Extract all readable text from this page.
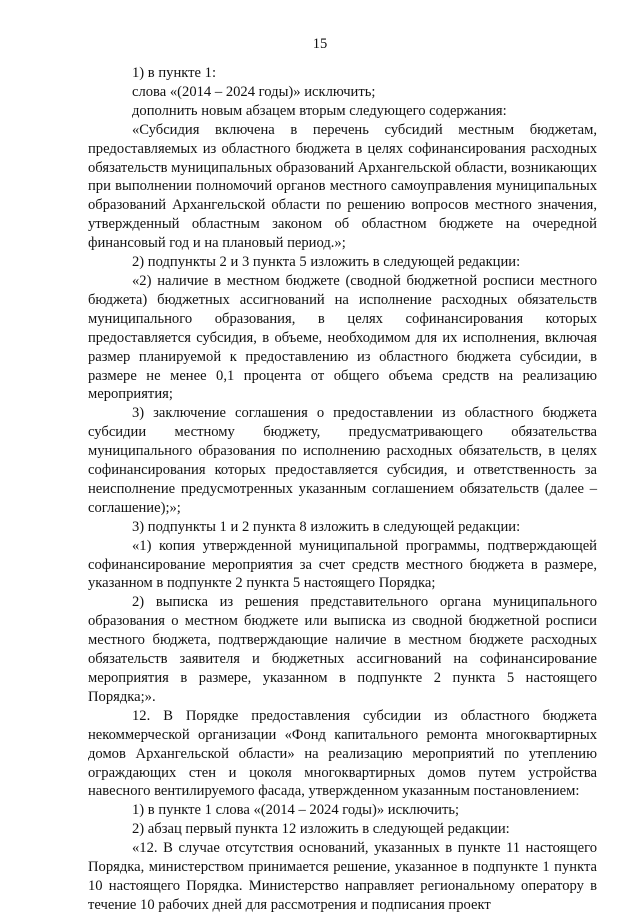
15

1) в пункте 1:

слова «(2014 – 2024 годы)» исключить;

дополнить новым абзацем вторым следующего содержания:

«Субсидия включена в перечень субсидий местным бюджетам, предоставляемых из областного бюджета в целях софинансирования расходных обязательств муниципальных образований Архангельской области, возникающих при выполнении полномочий органов местного самоуправления муниципальных образований Архангельской области по решению вопросов местного значения, утвержденный областным законом об областном бюджете на очередной финансовый год и на плановый период.»;

2) подпункты 2 и 3 пункта 5 изложить в следующей редакции:

«2) наличие в местном бюджете (сводной бюджетной росписи местного бюджета) бюджетных ассигнований на исполнение расходных обязательств муниципального образования, в целях софинансирования которых предоставляется субсидия, в объеме, необходимом для их исполнения, включая размер планируемой к предоставлению из областного бюджета субсидии, в размере не менее 0,1 процента от общего объема средств на реализацию мероприятия;

3) заключение соглашения о предоставлении из областного бюджета субсидии местному бюджету, предусматривающего обязательства муниципального образования по исполнению расходных обязательств, в целях софинансирования которых предоставляется субсидия, и ответственность за неисполнение предусмотренных указанным соглашением обязательств (далее – соглашение);»;

3) подпункты 1 и 2 пункта 8 изложить в следующей редакции:

«1) копия утвержденной муниципальной программы, подтверждающей софинансирование мероприятия за счет средств местного бюджета в размере, указанном в подпункте 2 пункта 5 настоящего Порядка;

2) выписка из решения представительного органа муниципального образования о местном бюджете или выписка из сводной бюджетной росписи местного бюджета, подтверждающие наличие в местном бюджете расходных обязательств заявителя и бюджетных ассигнований на софинансирование мероприятия в размере, указанном в подпункте 2 пункта 5 настоящего Порядка;».

12. В Порядке предоставления субсидии из областного бюджета некоммерческой организации «Фонд капитального ремонта многоквартирных домов Архангельской области» на реализацию мероприятий по утеплению ограждающих стен и цоколя многоквартирных домов путем устройства навесного вентилируемого фасада, утвержденном указанным постановлением:

1) в пункте 1 слова «(2014 – 2024 годы)» исключить;

2) абзац первый пункта 12 изложить в следующей редакции:

«12. В случае отсутствия оснований, указанных в пункте 11 настоящего Порядка, министерством принимается решение, указанное в подпункте 1 пункта 10 настоящего Порядка. Министерство направляет региональному оператору в течение 10 рабочих дней для рассмотрения и подписания проект
